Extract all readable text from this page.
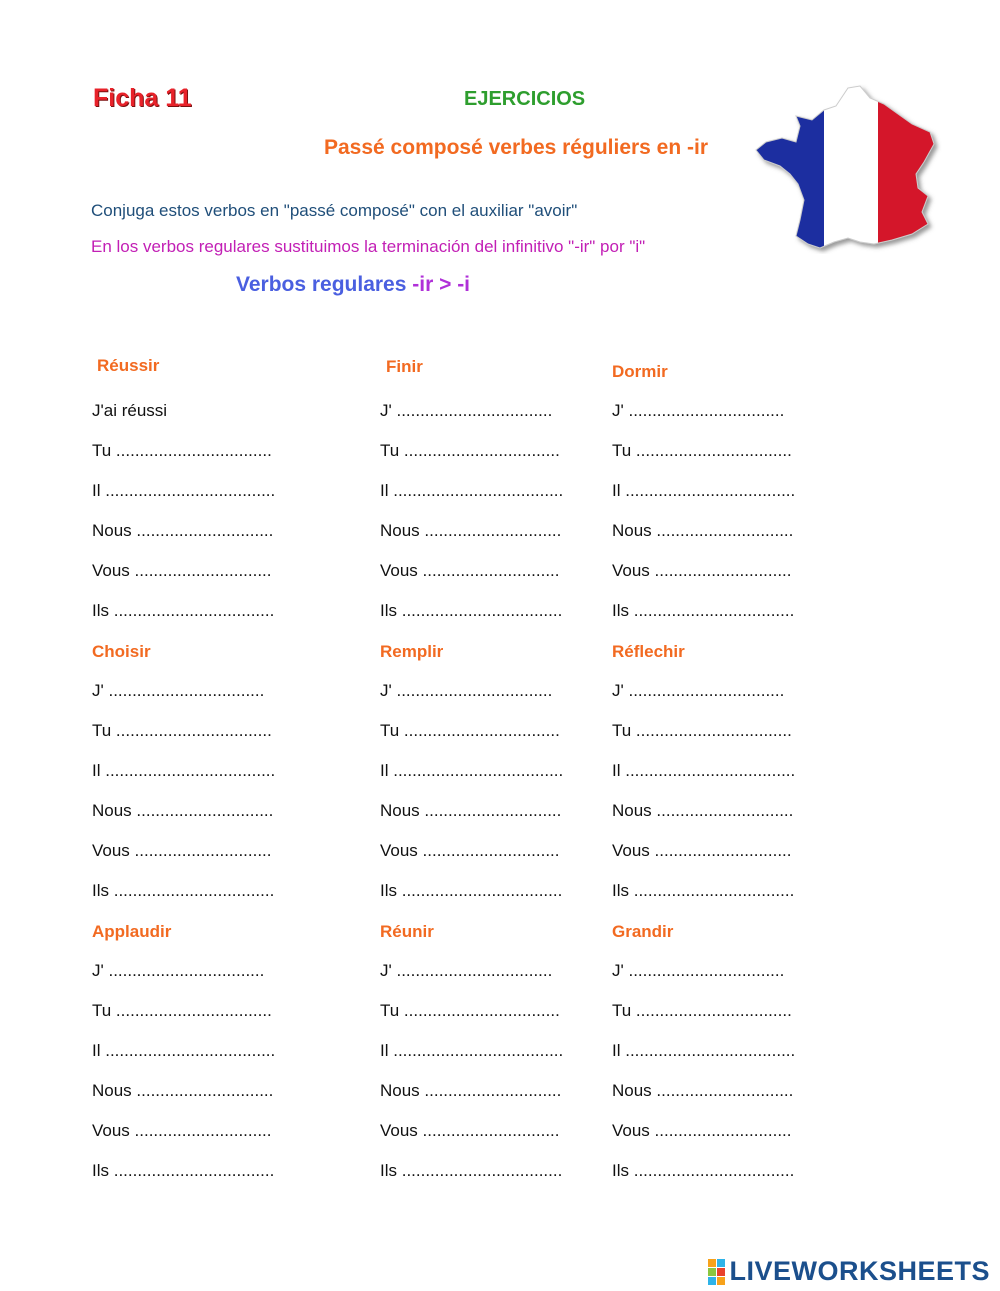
Ficha 11	EJERCICIOS
Passé composé verbes réguliers en -ir
Conjuga estos verbos en "passé composé" con el auxiliar "avoir"
En los verbos regulares sustituimos la terminación del infinitivo "-ir" por "i"
Verbos regulares -ir > -i
Réussir
J'ai réussi
Tu .................................
Il ....................................
Nous .............................
Vous .............................
Ils ..................................
Finir
J' .................................
Tu .................................
Il ....................................
Nous .............................
Vous .............................
Ils ..................................
Dormir
J' .................................
Tu .................................
Il ....................................
Nous .............................
Vous .............................
Ils ..................................
Choisir
J' .................................
Tu .................................
Il ....................................
Nous .............................
Vous .............................
Ils ..................................
Remplir
J' .................................
Tu .................................
Il ....................................
Nous .............................
Vous .............................
Ils ..................................
Réflechir
J' .................................
Tu .................................
Il ....................................
Nous .............................
Vous .............................
Ils ..................................
Applaudir
J' .................................
Tu .................................
Il ....................................
Nous .............................
Vous .............................
Ils ..................................
Réunir
J' .................................
Tu .................................
Il ....................................
Nous .............................
Vous .............................
Ils ..................................
Grandir
J' .................................
Tu .................................
Il ....................................
Nous .............................
Vous .............................
Ils ..................................
LIVEWORKSHEETS
